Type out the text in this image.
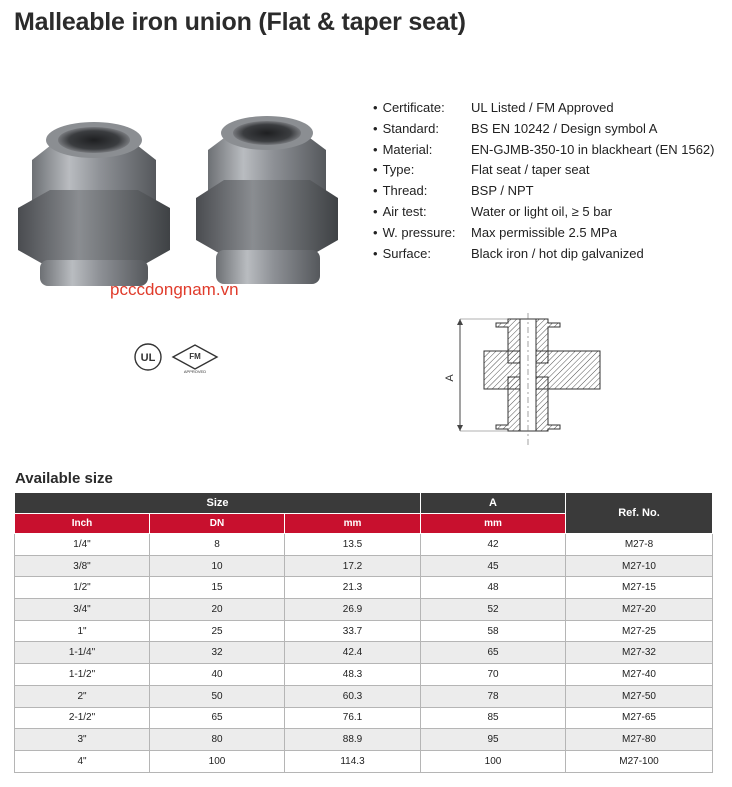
Malleable iron union (Flat & taper seat)
pccc​dongnam.vn
UL	FM
APPROVED
• Certificate:	UL Listed / FM Approved
• Standard:	BS EN 10242 / Design symbol A
• Material:	EN-GJMB-350-10 in blackheart (EN 1562)
• Type:	Flat seat / taper seat
• Thread:	BSP / NPT
• Air test:	Water or light oil, ≥ 5 bar
• W. pressure:	Max permissible 2.5 MPa
• Surface:	Black iron / hot dip galvanized
A
Available size
Size			A	Ref. No.
Inch	DN	mm	mm	
1/4"	8	13.5	42	M27-8
3/8"	10	17.2	45	M27-10
1/2"	15	21.3	48	M27-15
3/4"	20	26.9	52	M27-20
1"	25	33.7	58	M27-25
1-1/4"	32	42.4	65	M27-32
1-1/2"	40	48.3	70	M27-40
2"	50	60.3	78	M27-50
2-1/2"	65	76.1	85	M27-65
3"	80	88.9	95	M27-80
4"	100	114.3	100	M27-100
